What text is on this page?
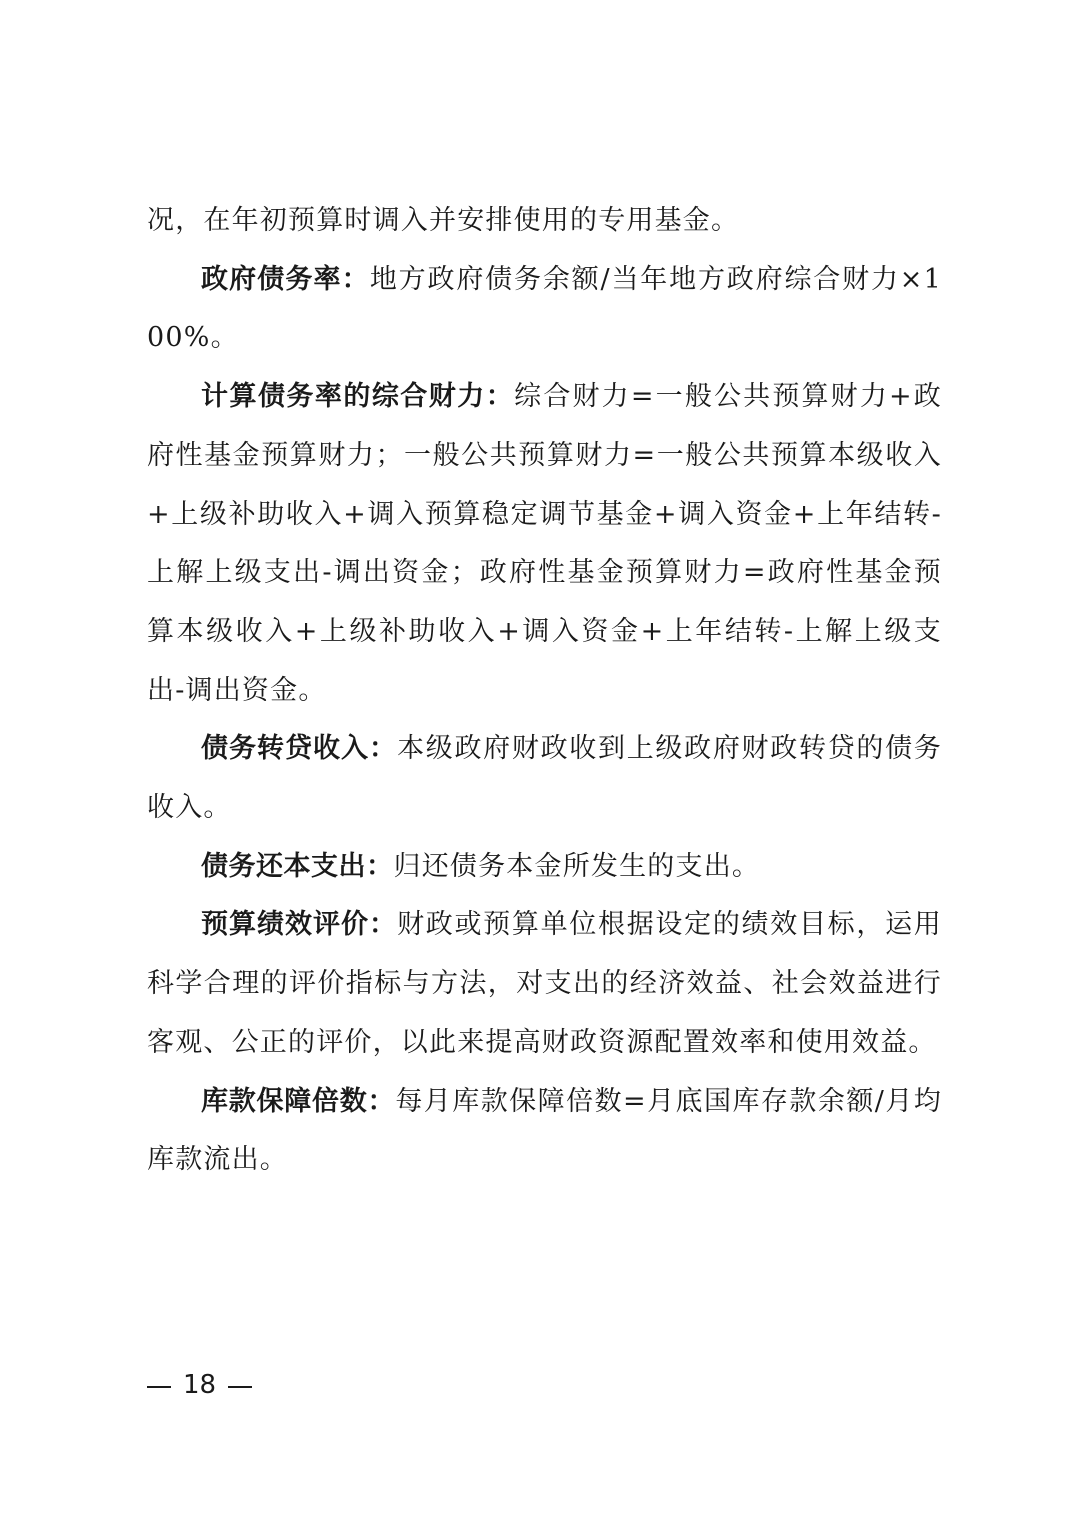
况，在年初预算时调入并安排使用的专用基金。

政府债务率：地方政府债务余额/当年地方政府综合财力×100%。

计算债务率的综合财力：综合财力=一般公共预算财力+政府性基金预算财力；一般公共预算财力=一般公共预算本级收入+上级补助收入+调入预算稳定调节基金+调入资金+上年结转-上解上级支出-调出资金；政府性基金预算财力=政府性基金预算本级收入+上级补助收入+调入资金+上年结转-上解上级支出-调出资金。

债务转贷收入：本级政府财政收到上级政府财政转贷的债务收入。

债务还本支出：归还债务本金所发生的支出。

预算绩效评价：财政或预算单位根据设定的绩效目标，运用科学合理的评价指标与方法，对支出的经济效益、社会效益进行客观、公正的评价，以此来提高财政资源配置效率和使用效益。

库款保障倍数：每月库款保障倍数=月底国库存款余额/月均库款流出。

18
